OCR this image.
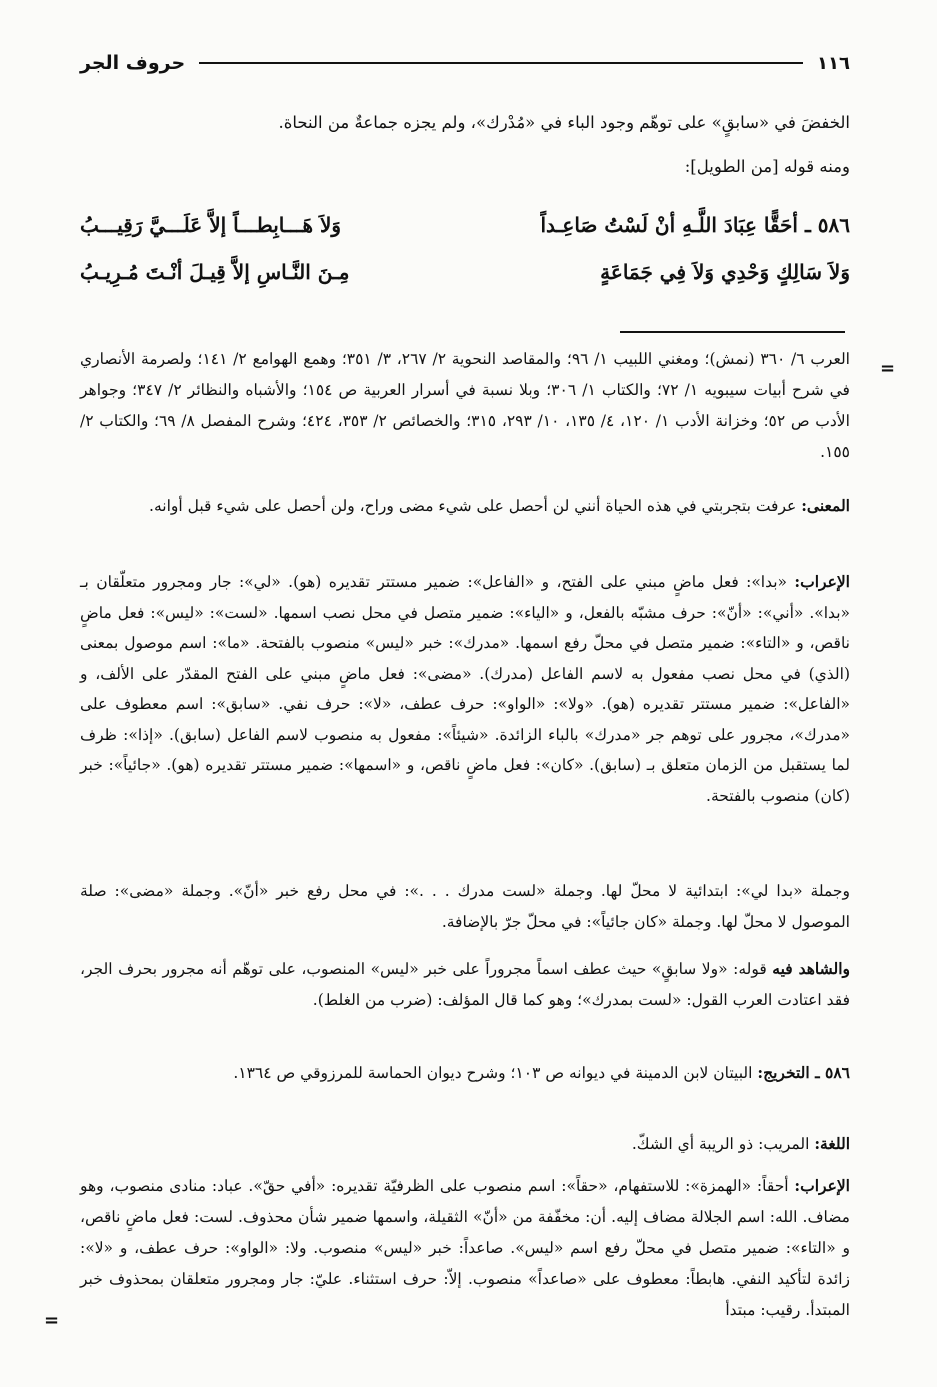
١١٦
حروف الجر

الخفضَ في «سابقٍ» على توهّم وجود الباء في «مُدْرك»، ولم يجزه جماعةٌ من النحاة.

ومنه قوله [من الطويل]:

٥٨٦ ـ أحَقًّا عِبَادَ اللَّـهِ أنْ لَسْتُ صَاعِـداً
وَلاَ هَـــابِطـــاً إلاَّ عَلَـــيَّ رَقِيـــبُ
وَلاَ سَالِكٍ وَحْدِي وَلاَ فِي جَمَاعَةٍ
مِـنَ النَّـاسِ إلاَّ قِيـلَ أنْـتَ مُـرِيـبُ
=

العرب ٦/ ٣٦٠ (نمش)؛ ومغني اللبيب ١/ ٩٦؛ والمقاصد النحوية ٢/ ٢٦٧، ٣/ ٣٥١؛ وهمع الهوامع ٢/ ١٤١؛ ولصرمة الأنصاري في شرح أبيات سيبويه ١/ ٧٢؛ والكتاب ١/ ٣٠٦؛ وبلا نسبة في أسرار العربية ص ١٥٤؛ والأشباه والنظائر ٢/ ٣٤٧؛ وجواهر الأدب ص ٥٢؛ وخزانة الأدب ١/ ١٢٠، ٤/ ١٣٥، ١٠/ ٢٩٣، ٣١٥؛ والخصائص ٢/ ٣٥٣، ٤٢٤؛ وشرح المفصل ٨/ ٦٩؛ والكتاب ٢/ ١٥٥.

المعنى: عرفت بتجربتي في هذه الحياة أنني لن أحصل على شيء مضى وراح، ولن أحصل على شيء قبل أوانه.

الإعراب: «بدا»: فعل ماضٍ مبني على الفتح، و «الفاعل»: ضمير مستتر تقديره (هو). «لي»: جار ومجرور متعلّقان بـ «بدا». «أني»: «أنّ»: حرف مشبّه بالفعل، و «الياء»: ضمير متصل في محل نصب اسمها. «لست»: «ليس»: فعل ماضٍ ناقص، و «التاء»: ضمير متصل في محلّ رفع اسمها. «مدرك»: خبر «ليس» منصوب بالفتحة. «ما»: اسم موصول بمعنى (الذي) في محل نصب مفعول به لاسم الفاعل (مدرك). «مضى»: فعل ماضٍ مبني على الفتح المقدّر على الألف، و «الفاعل»: ضمير مستتر تقديره (هو). «ولا»: «الواو»: حرف عطف، «لا»: حرف نفي. «سابق»: اسم معطوف على «مدرك»، مجرور على توهم جر «مدرك» بالباء الزائدة. «شيئاً»: مفعول به منصوب لاسم الفاعل (سابق). «إذا»: ظرف لما يستقبل من الزمان متعلق بـ (سابق). «كان»: فعل ماضٍ ناقص، و «اسمها»: ضمير مستتر تقديره (هو). «جائياً»: خبر (كان) منصوب بالفتحة.

وجملة «بدا لي»: ابتدائية لا محلّ لها. وجملة «لست مدرك . . .»: في محل رفع خبر «أنّ». وجملة «مضى»: صلة الموصول لا محلّ لها. وجملة «كان جائياً»: في محلّ جرّ بالإضافة.

والشاهد فيه قوله: «ولا سابقٍ» حيث عطف اسماً مجروراً على خبر «ليس» المنصوب، على توهّم أنه مجرور بحرف الجر، فقد اعتادت العرب القول: «لست بمدرك»؛ وهو كما قال المؤلف: (ضرب من الغلط).

٥٨٦ ـ التخريج: البيتان لابن الدمينة في ديوانه ص ١٠٣؛ وشرح ديوان الحماسة للمرزوقي ص ١٣٦٤.

اللغة: المريب: ذو الريبة أي الشكّ.

الإعراب: أحقاً: «الهمزة»: للاستفهام، «حقاً»: اسم منصوب على الظرفيّة تقديره: «أفي حقّ». عباد: منادى منصوب، وهو مضاف. الله: اسم الجلالة مضاف إليه. أن: مخفّفة من «أنّ» الثقيلة، واسمها ضمير شأن محذوف. لست: فعل ماضٍ ناقص، و «التاء»: ضمير متصل في محلّ رفع اسم «ليس». صاعداً: خبر «ليس» منصوب. ولا: «الواو»: حرف عطف، و «لا»: زائدة لتأكيد النفي. هابطاً: معطوف على «صاعداً» منصوب. إلاّ: حرف استثناء. عليّ: جار ومجرور متعلقان بمحذوف خبر المبتدأ. رقيب: مبتدأ

=
